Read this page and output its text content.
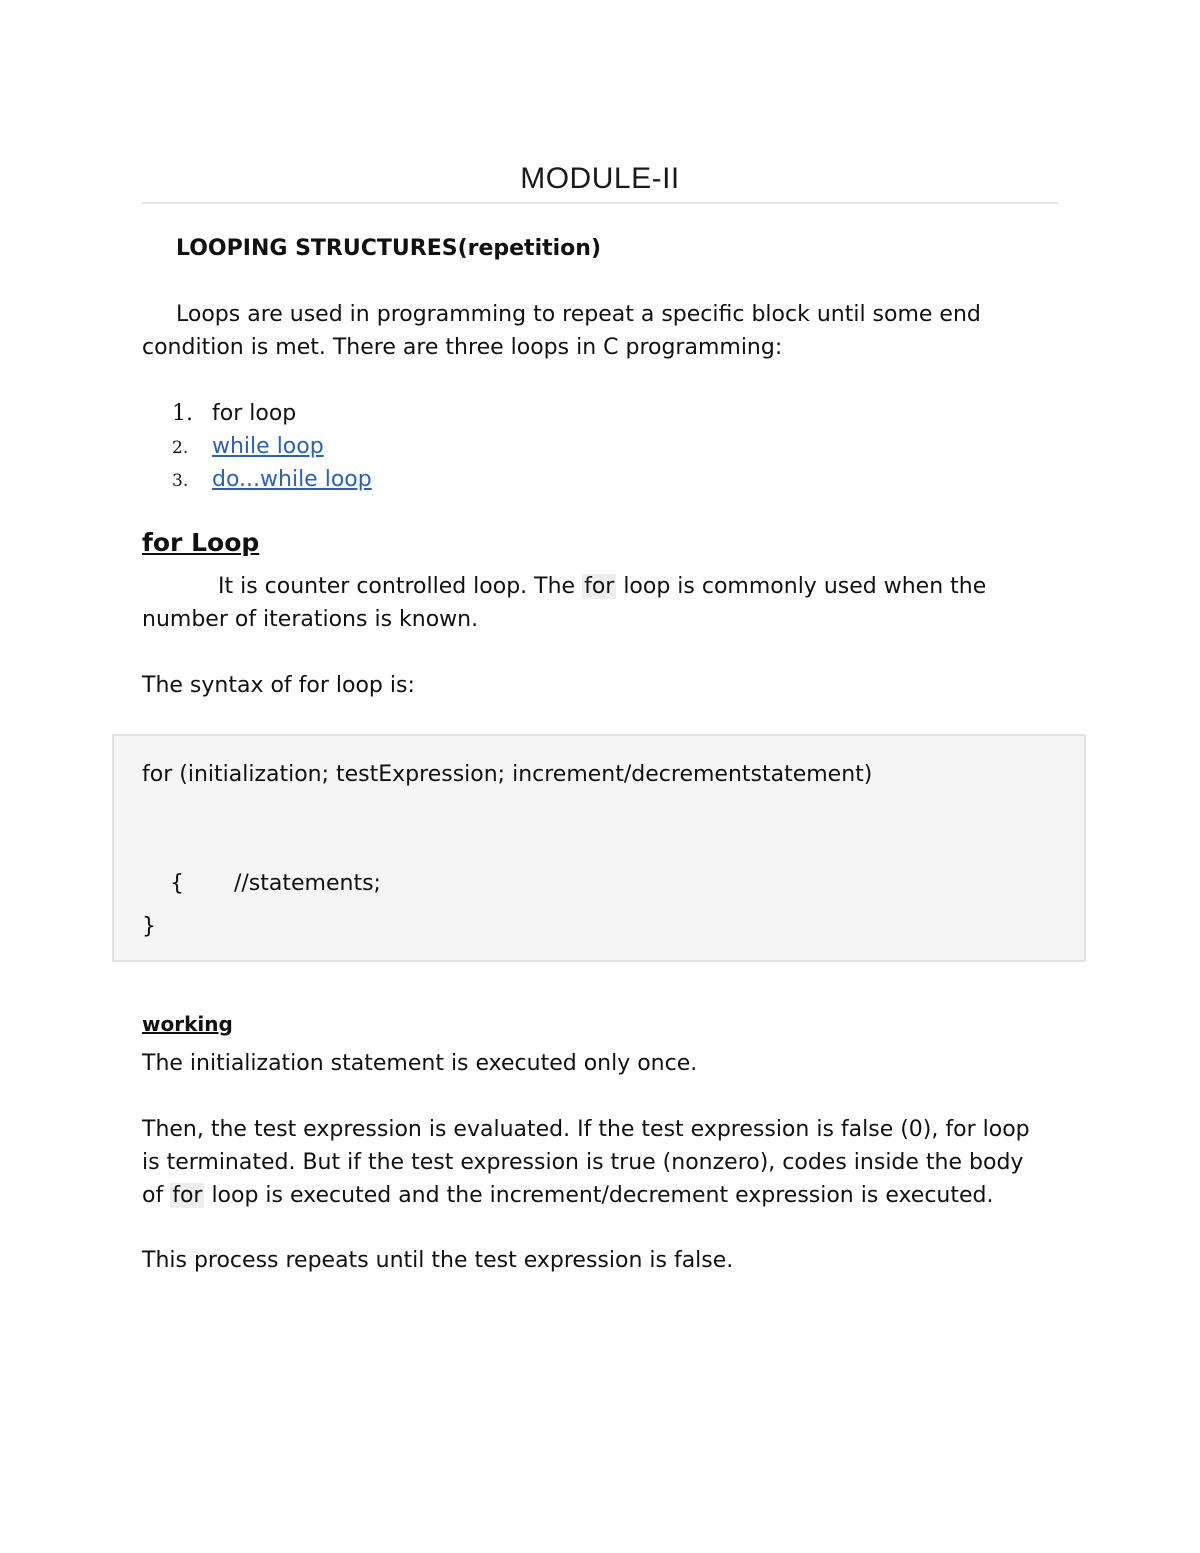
MODULE-II
LOOPING STRUCTURES(repetition)
Loops are used in programming to repeat a specific block until some end
condition is met. There are three loops in C programming:
1. for loop
2. while loop
3. do...while loop
for Loop
It is counter controlled loop. The for loop is commonly used when the
number of iterations is known.
The syntax of for loop is:
for (initialization; testExpression; increment/decrementstatement)

{ //statements;

}
working
The initialization statement is executed only once.
Then, the test expression is evaluated. If the test expression is false (0), for loop
is terminated. But if the test expression is true (nonzero), codes inside the body
of for loop is executed and the increment/decrement expression is executed.
This process repeats until the test expression is false.
